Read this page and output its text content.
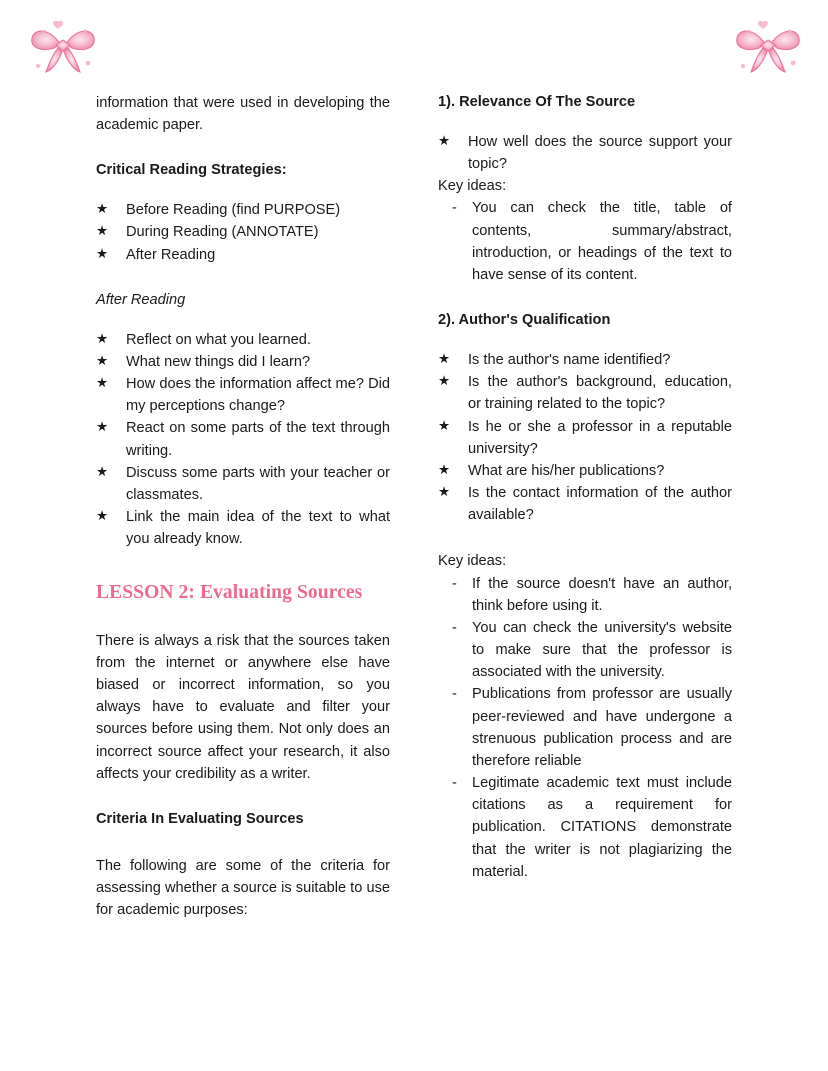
information that were used in developing the academic paper.

Critical Reading Strategies:

★	Before Reading (find PURPOSE)
★	During Reading (ANNOTATE)
★	After Reading

After Reading

★	Reflect on what you learned.
★	What new things did I learn?
★	How does the information affect me? Did my perceptions change?
★	React on some parts of the text through writing.
★	Discuss some parts with your teacher or classmates.
★	Link the main idea of the text to what you already know.

LESSON 2: Evaluating Sources

There is always a risk that the sources taken from the internet or anywhere else have biased or incorrect information, so you always have to evaluate and filter your sources before using them. Not only does an incorrect source affect your research, it also affects your credibility as a writer.

Criteria In Evaluating Sources

The following are some of the criteria for assessing whether a source is suitable to use for academic purposes:

1). Relevance Of The Source

★	How well does the source support your topic?

Key ideas:

-	You can check the title, table of contents, summary/abstract, introduction, or headings of the text to have sense of its content.

2). Author's Qualification

★	Is the author's name identified?
★	Is the author's background, education, or training related to the topic?
★	Is he or she a professor in a reputable university?
★	What are his/her publications?
★	Is the contact information of the author available?

Key ideas:

-	If the source doesn't have an author, think before using it.
-	You can check the university's website to make sure that the professor is associated with the university.
-	Publications from professor are usually peer-reviewed and have undergone a strenuous publication process and are therefore reliable
-	Legitimate academic text must include citations as a requirement for publication. CITATIONS demonstrate that the writer is not plagiarizing the material.
